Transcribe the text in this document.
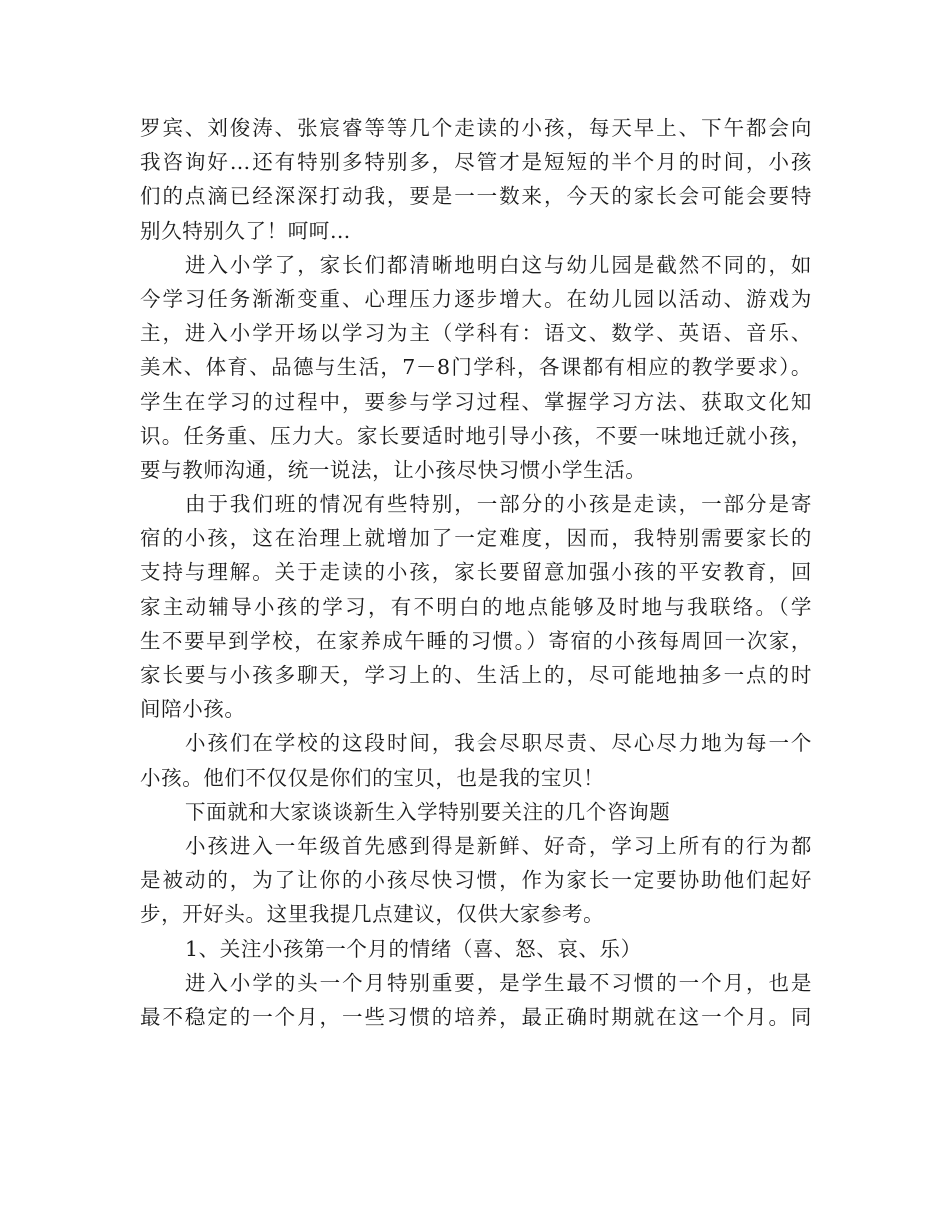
罗宾、刘俊涛、张宸睿等等几个走读的小孩，每天早上、下午都会向
我咨询好…还有特别多特别多，尽管才是短短的半个月的时间，小孩
们的点滴已经深深打动我，要是一一数来，今天的家长会可能会要特
别久特别久了！呵呵…
进入小学了，家长们都清晰地明白这与幼儿园是截然不同的，如
今学习任务渐渐变重、心理压力逐步增大。在幼儿园以活动、游戏为
主，进入小学开场以学习为主（学科有：语文、数学、英语、音乐、
美术、体育、品德与生活，7－8门学科，各课都有相应的教学要求）。
学生在学习的过程中，要参与学习过程、掌握学习方法、获取文化知
识。任务重、压力大。家长要适时地引导小孩，不要一味地迁就小孩，
要与教师沟通，统一说法，让小孩尽快习惯小学生活。
由于我们班的情况有些特别，一部分的小孩是走读，一部分是寄
宿的小孩，这在治理上就增加了一定难度，因而，我特别需要家长的
支持与理解。关于走读的小孩，家长要留意加强小孩的平安教育，回
家主动辅导小孩的学习，有不明白的地点能够及时地与我联络。（学
生不要早到学校，在家养成午睡的习惯。）寄宿的小孩每周回一次家，
家长要与小孩多聊天，学习上的、生活上的，尽可能地抽多一点的时
间陪小孩。
小孩们在学校的这段时间，我会尽职尽责、尽心尽力地为每一个
小孩。他们不仅仅是你们的宝贝，也是我的宝贝！
下面就和大家谈谈新生入学特别要关注的几个咨询题
小孩进入一年级首先感到得是新鲜、好奇，学习上所有的行为都
是被动的，为了让你的小孩尽快习惯，作为家长一定要协助他们起好
步，开好头。这里我提几点建议，仅供大家参考。
1、关注小孩第一个月的情绪（喜、怒、哀、乐）
进入小学的头一个月特别重要，是学生最不习惯的一个月，也是
最不稳定的一个月，一些习惯的培养，最正确时期就在这一个月。同
